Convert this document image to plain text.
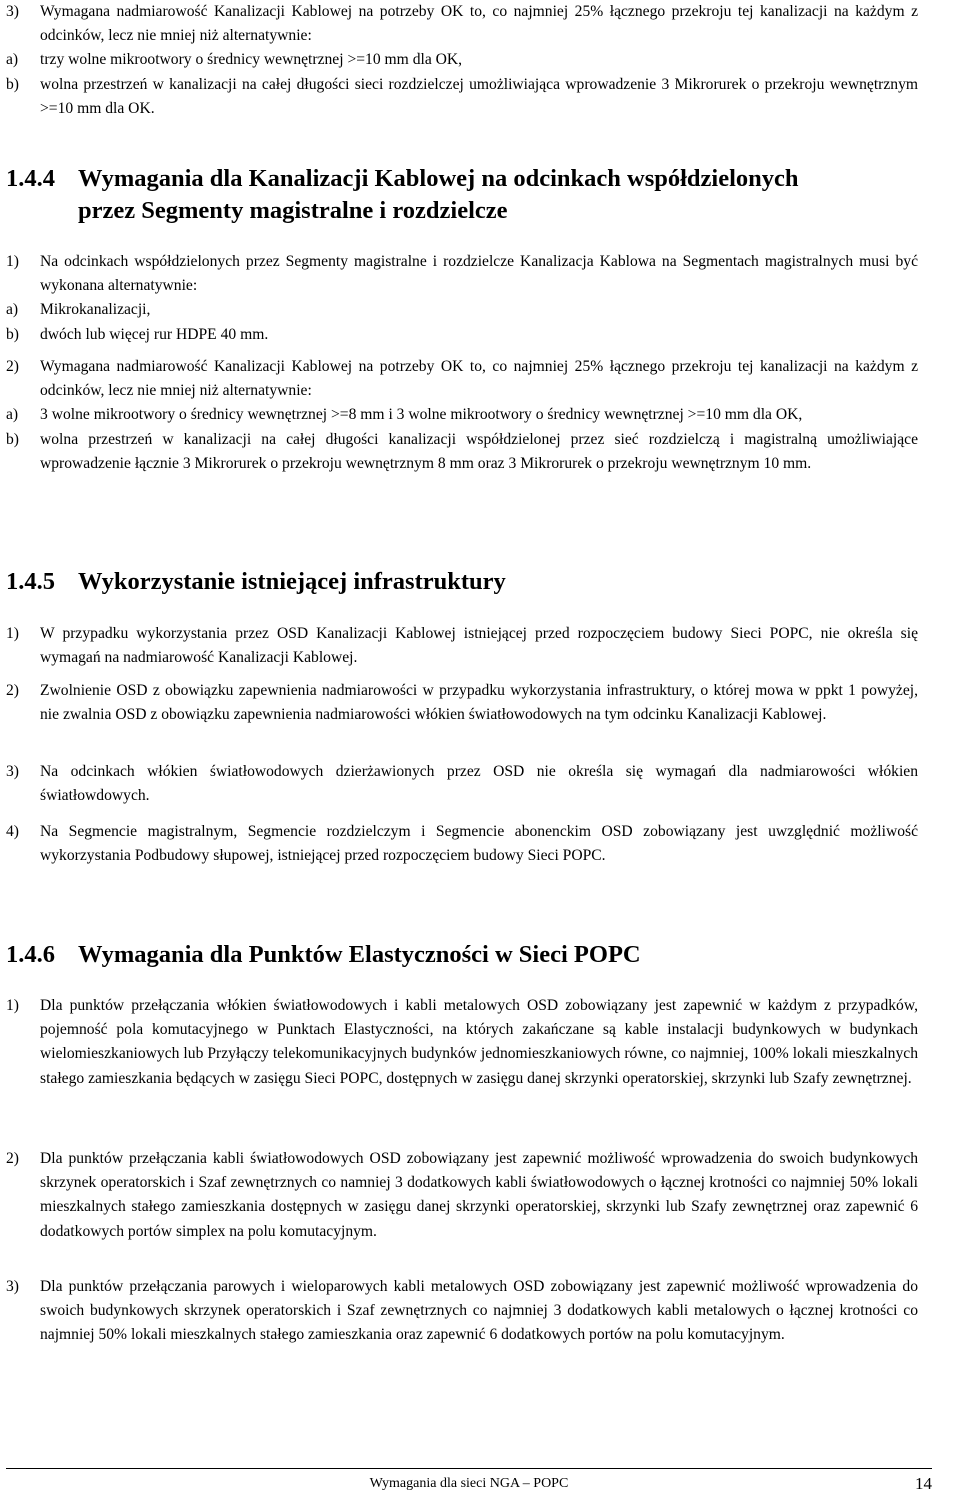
3)	Wymagana nadmiarowość Kanalizacji Kablowej na potrzeby OK to, co najmniej 25% łącznego przekroju tej kanalizacji na każdym z odcinków, lecz nie mniej niż alternatywnie:
a)	trzy wolne mikrootwory o średnicy wewnętrznej >=10 mm dla OK,
b)	wolna przestrzeń w kanalizacji na całej długości sieci rozdzielczej umożliwiająca wprowadzenie 3 Mikrorurek o przekroju wewnętrznym >=10 mm dla OK.
1.4.4 Wymagania dla Kanalizacji Kablowej na odcinkach współdzielonych
przez Segmenty magistralne i rozdzielcze
1)	Na odcinkach współdzielonych przez Segmenty magistralne i rozdzielcze Kanalizacja Kablowa na Segmentach magistralnych musi być wykonana alternatywnie:
a)	Mikrokanalizacji,
b)	dwóch lub więcej rur HDPE 40 mm.
2)	Wymagana nadmiarowość Kanalizacji Kablowej na potrzeby OK to, co najmniej 25% łącznego przekroju tej kanalizacji na każdym z odcinków, lecz nie mniej niż alternatywnie:
a)	3 wolne mikrootwory o średnicy wewnętrznej >=8 mm i 3 wolne mikrootwory o średnicy wewnętrznej >=10 mm dla OK,
b)	wolna przestrzeń w kanalizacji na całej długości kanalizacji współdzielonej przez sieć rozdzielczą i magistralną umożliwiające wprowadzenie łącznie 3 Mikrorurek o przekroju wewnętrznym 8 mm oraz 3 Mikrorurek o przekroju wewnętrznym 10 mm.
1.4.5 Wykorzystanie istniejącej infrastruktury
1)	W przypadku wykorzystania przez OSD Kanalizacji Kablowej istniejącej przed rozpoczęciem budowy Sieci POPC, nie określa się wymagań na nadmiarowość Kanalizacji Kablowej.
2)	Zwolnienie OSD z obowiązku zapewnienia nadmiarowości w przypadku wykorzystania infrastruktury, o której mowa w ppkt 1 powyżej, nie zwalnia OSD z obowiązku zapewnienia nadmiarowości włókien światłowodowych na tym odcinku Kanalizacji Kablowej.
3)	Na odcinkach włókien światłowodowych dzierżawionych przez OSD nie określa się wymagań dla nadmiarowości włókien światłowdowych.
4)	Na Segmencie magistralnym, Segmencie rozdzielczym i Segmencie abonenckim OSD zobowiązany jest uwzględnić możliwość wykorzystania Podbudowy słupowej, istniejącej przed rozpoczęciem budowy Sieci POPC.
1.4.6 Wymagania dla Punktów Elastyczności w Sieci POPC
1)	Dla punktów przełączania włókien światłowodowych i kabli metalowych OSD zobowiązany jest zapewnić w każdym z przypadków, pojemność pola komutacyjnego w Punktach Elastyczności, na których zakańczane są kable instalacji budynkowych w budynkach wielomieszkaniowych lub Przyłączy telekomunikacyjnych budynków jednomieszkaniowych równe, co najmniej, 100% lokali mieszkalnych stałego zamieszkania będących w zasięgu Sieci POPC, dostępnych w zasięgu danej skrzynki operatorskiej, skrzynki lub Szafy zewnętrznej.
2)	Dla punktów przełączania kabli światłowodowych OSD zobowiązany jest zapewnić możliwość wprowadzenia do swoich budynkowych skrzynek operatorskich i Szaf zewnętrznych co namniej 3 dodatkowych kabli światłowodowych o łącznej krotności co najmniej 50% lokali mieszkalnych stałego zamieszkania dostępnych w zasięgu danej skrzynki operatorskiej, skrzynki lub Szafy zewnętrznej oraz zapewnić 6 dodatkowych portów simplex na polu komutacyjnym.
3)	Dla punktów przełączania parowych i wieloparowych kabli metalowych OSD zobowiązany jest zapewnić możliwość wprowadzenia do swoich budynkowych skrzynek operatorskich i Szaf zewnętrznych co najmniej 3 dodatkowych kabli metalowych o łącznej krotności co najmniej 50% lokali mieszkalnych stałego zamieszkania oraz zapewnić 6 dodatkowych portów na polu komutacyjnym.
Wymagania dla sieci NGA – POPC	14
